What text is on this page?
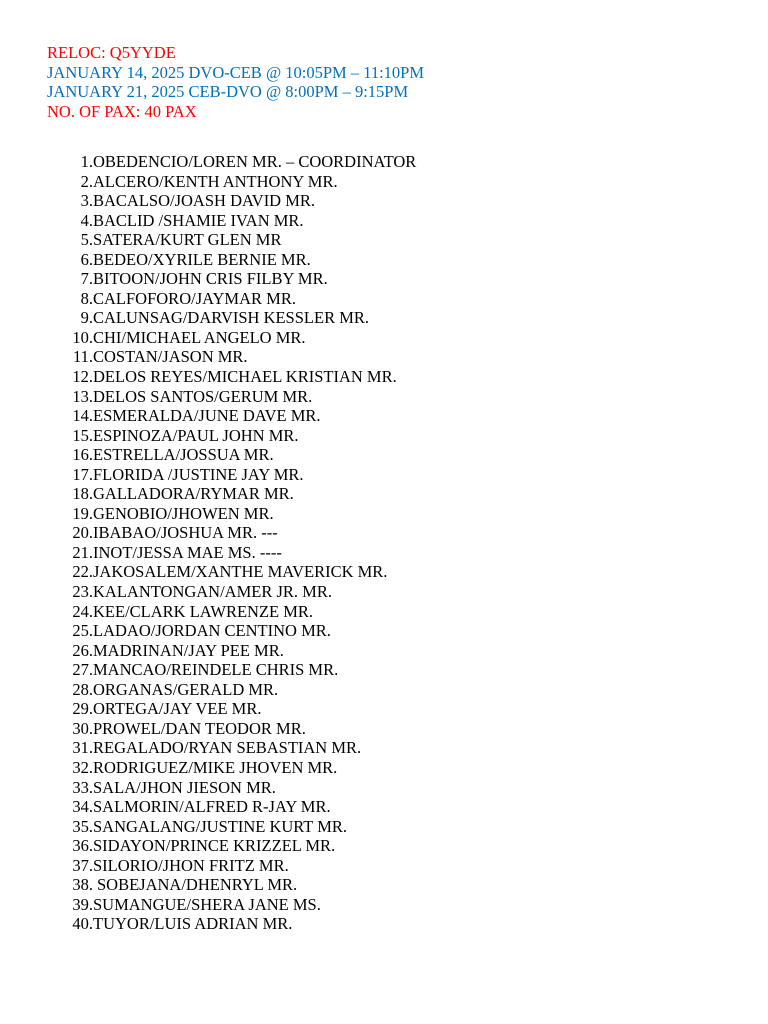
RELOC: Q5YYDE
JANUARY 14, 2025 DVO-CEB @ 10:05PM – 11:10PM
JANUARY 21, 2025 CEB-DVO @ 8:00PM – 9:15PM
NO. OF PAX: 40 PAX
1. OBEDENCIO/LOREN MR. – COORDINATOR
2. ALCERO/KENTH ANTHONY MR.
3. BACALSO/JOASH DAVID MR.
4. BACLID /SHAMIE IVAN MR.
5. SATERA/KURT GLEN MR
6. BEDEO/XYRILE BERNIE MR.
7. BITOON/JOHN CRIS FILBY MR.
8. CALFOFORO/JAYMAR MR.
9. CALUNSAG/DARVISH KESSLER MR.
10. CHI/MICHAEL ANGELO MR.
11. COSTAN/JASON MR.
12. DELOS REYES/MICHAEL KRISTIAN MR.
13. DELOS SANTOS/GERUM MR.
14. ESMERALDA/JUNE DAVE MR.
15. ESPINOZA/PAUL JOHN MR.
16. ESTRELLA/JOSSUA MR.
17. FLORIDA /JUSTINE JAY MR.
18. GALLADORA/RYMAR MR.
19. GENOBIO/JHOWEN MR.
20. IBABAO/JOSHUA MR. ---
21. INOT/JESSA MAE MS. ----
22. JAKOSALEM/XANTHE MAVERICK MR.
23. KALANTONGAN/AMER JR. MR.
24. KEE/CLARK LAWRENZE MR.
25. LADAO/JORDAN CENTINO MR.
26. MADRINAN/JAY PEE MR.
27. MANCAO/REINDELE CHRIS MR.
28. ORGANAS/GERALD MR.
29. ORTEGA/JAY VEE MR.
30. PROWEL/DAN TEODOR MR.
31. REGALADO/RYAN SEBASTIAN MR.
32. RODRIGUEZ/MIKE JHOVEN MR.
33. SALA/JHON JIESON MR.
34. SALMORIN/ALFRED R-JAY MR.
35. SANGALANG/JUSTINE KURT MR.
36. SIDAYON/PRINCE KRIZZEL MR.
37. SILORIO/JHON FRITZ MR.
38. SOBEJANA/DHENRYL MR.
39. SUMANGUE/SHERA JANE MS.
40. TUYOR/LUIS ADRIAN MR.
